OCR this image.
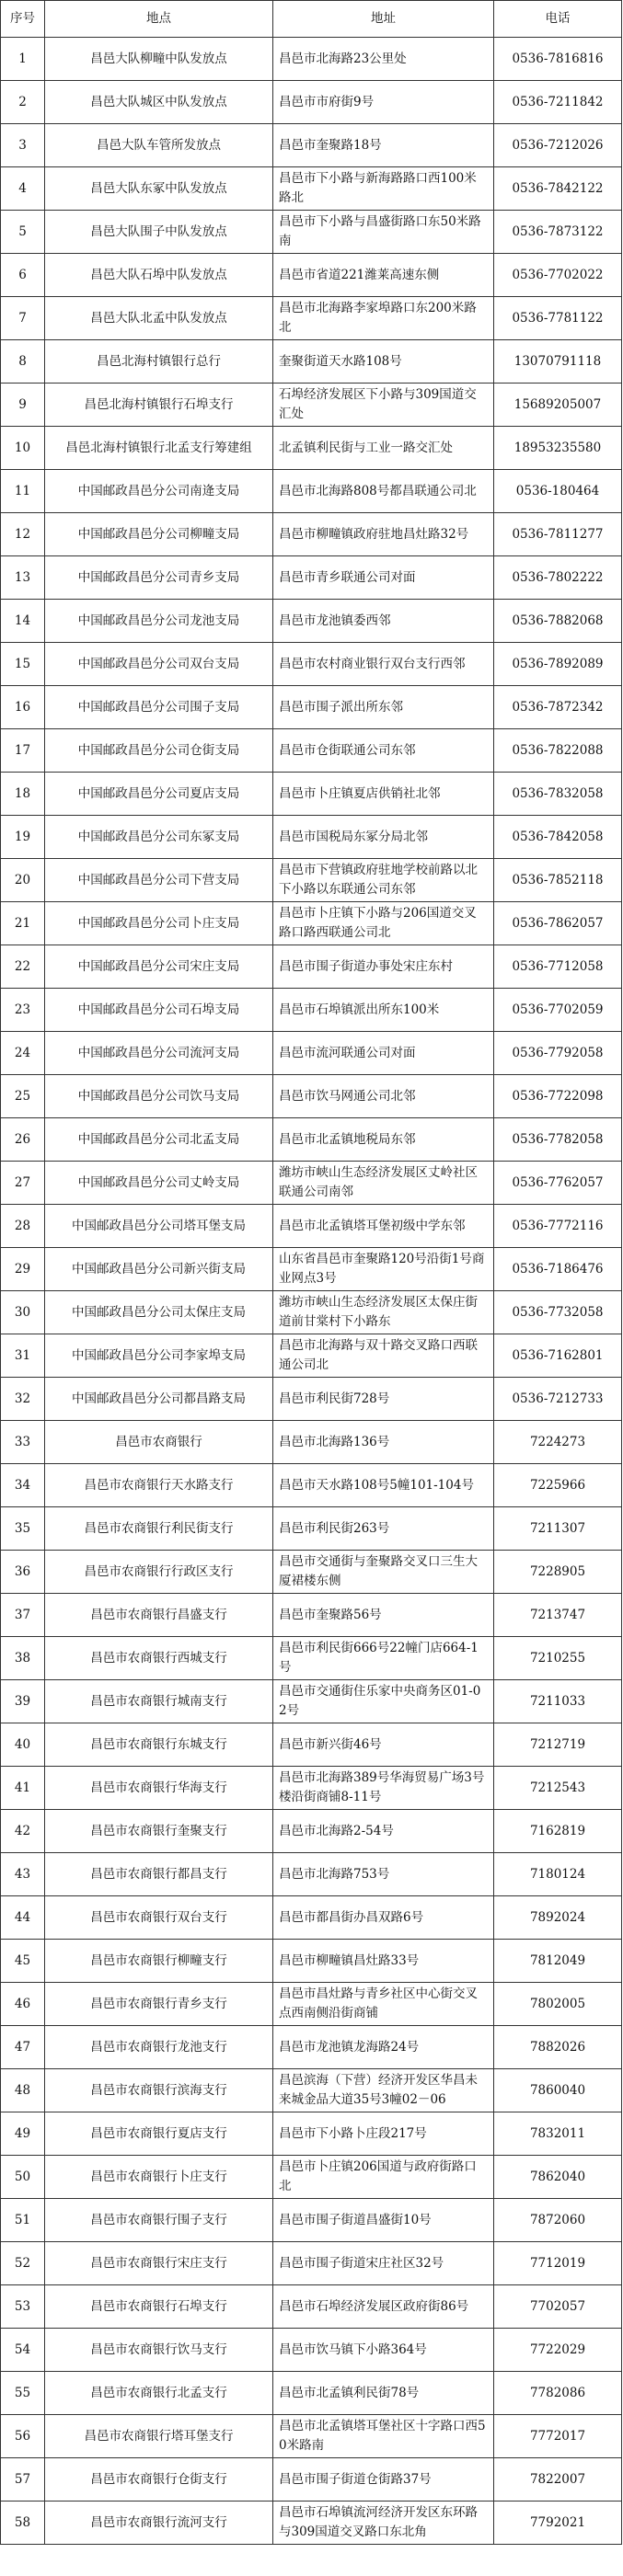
序号	地点	地址	电话
1	昌邑大队柳疃中队发放点	昌邑市北海路23公里处	0536-7816816
2	昌邑大队城区中队发放点	昌邑市市府街9号	0536-7211842
3	昌邑大队车管所发放点	昌邑市奎聚路18号	0536-7212026
4	昌邑大队东冢中队发放点	昌邑市下小路与新海路路口西100米路北	0536-7842122
5	昌邑大队围子中队发放点	昌邑市下小路与昌盛街路口东50米路南	0536-7873122
6	昌邑大队石埠中队发放点	昌邑市省道221潍莱高速东侧	0536-7702022
7	昌邑大队北孟中队发放点	昌邑市北海路李家埠路口东200米路北	0536-7781122
8	昌邑北海村镇银行总行	奎聚街道天水路108号	13070791118
9	昌邑北海村镇银行石埠支行	石埠经济发展区下小路与309国道交汇处	15689205007
10	昌邑北海村镇银行北孟支行筹建组	北孟镇利民街与工业一路交汇处	18953235580
11	中国邮政昌邑分公司南逄支局	昌邑市北海路808号都昌联通公司北	0536-180464
12	中国邮政昌邑分公司柳疃支局	昌邑市柳疃镇政府驻地昌灶路32号	0536-7811277
13	中国邮政昌邑分公司青乡支局	昌邑市青乡联通公司对面	0536-7802222
14	中国邮政昌邑分公司龙池支局	昌邑市龙池镇委西邻	0536-7882068
15	中国邮政昌邑分公司双台支局	昌邑市农村商业银行双台支行西邻	0536-7892089
16	中国邮政昌邑分公司围子支局	昌邑市围子派出所东邻	0536-7872342
17	中国邮政昌邑分公司仓街支局	昌邑市仓街联通公司东邻	0536-7822088
18	中国邮政昌邑分公司夏店支局	昌邑市卜庄镇夏店供销社北邻	0536-7832058
19	中国邮政昌邑分公司东冢支局	昌邑市国税局东冢分局北邻	0536-7842058
20	中国邮政昌邑分公司下营支局	昌邑市下营镇政府驻地学校前路以北下小路以东联通公司东邻	0536-7852118
21	中国邮政昌邑分公司卜庄支局	昌邑市卜庄镇下小路与206国道交叉路口路西联通公司北	0536-7862057
22	中国邮政昌邑分公司宋庄支局	昌邑市围子街道办事处宋庄东村	0536-7712058
23	中国邮政昌邑分公司石埠支局	昌邑市石埠镇派出所东100米	0536-7702059
24	中国邮政昌邑分公司流河支局	昌邑市流河联通公司对面	0536-7792058
25	中国邮政昌邑分公司饮马支局	昌邑市饮马网通公司北邻	0536-7722098
26	中国邮政昌邑分公司北孟支局	昌邑市北孟镇地税局东邻	0536-7782058
27	中国邮政昌邑分公司丈岭支局	潍坊市峡山生态经济发展区丈岭社区联通公司南邻	0536-7762057
28	中国邮政昌邑分公司塔耳堡支局	昌邑市北孟镇塔耳堡初级中学东邻	0536-7772116
29	中国邮政昌邑分公司新兴街支局	山东省昌邑市奎聚路120号沿街1号商业网点3号	0536-7186476
30	中国邮政昌邑分公司太保庄支局	潍坊市峡山生态经济发展区太保庄街道前甘棠村下小路东	0536-7732058
31	中国邮政昌邑分公司李家埠支局	昌邑市北海路与双十路交叉路口西联通公司北	0536-7162801
32	中国邮政昌邑分公司都昌路支局	昌邑市利民街728号	0536-7212733
33	昌邑市农商银行	昌邑市北海路136号	7224273
34	昌邑市农商银行天水路支行	昌邑市天水路108号5幢101-104号	7225966
35	昌邑市农商银行利民街支行	昌邑市利民街263号	7211307
36	昌邑市农商银行行政区支行	昌邑市交通街与奎聚路交叉口三生大厦裙楼东侧	7228905
37	昌邑市农商银行昌盛支行	昌邑市奎聚路56号	7213747
38	昌邑市农商银行西城支行	昌邑市利民街666号22幢门店664-1号	7210255
39	昌邑市农商银行城南支行	昌邑市交通街住乐家中央商务区01-02号	7211033
40	昌邑市农商银行东城支行	昌邑市新兴街46号	7212719
41	昌邑市农商银行华海支行	昌邑市北海路389号华海贸易广场3号楼沿街商铺8-11号	7212543
42	昌邑市农商银行奎聚支行	昌邑市北海路2-54号	7162819
43	昌邑市农商银行都昌支行	昌邑市北海路753号	7180124
44	昌邑市农商银行双台支行	昌邑市都昌街办昌双路6号	7892024
45	昌邑市农商银行柳疃支行	昌邑市柳疃镇昌灶路33号	7812049
46	昌邑市农商银行青乡支行	昌邑市昌灶路与青乡社区中心街交叉点西南侧沿街商铺	7802005
47	昌邑市农商银行龙池支行	昌邑市龙池镇龙海路24号	7882026
48	昌邑市农商银行滨海支行	昌邑滨海（下营）经济开发区华昌未来城金品大道35号3幢02－06	7860040
49	昌邑市农商银行夏店支行	昌邑市下小路卜庄段217号	7832011
50	昌邑市农商银行卜庄支行	昌邑市卜庄镇206国道与政府街路口北	7862040
51	昌邑市农商银行围子支行	昌邑市围子街道昌盛街10号	7872060
52	昌邑市农商银行宋庄支行	昌邑市围子街道宋庄社区32号	7712019
53	昌邑市农商银行石埠支行	昌邑市石埠经济发展区政府街86号	7702057
54	昌邑市农商银行饮马支行	昌邑市饮马镇下小路364号	7722029
55	昌邑市农商银行北孟支行	昌邑市北孟镇利民街78号	7782086
56	昌邑市农商银行塔耳堡支行	昌邑市北孟镇塔耳堡社区十字路口西50米路南	7772017
57	昌邑市农商银行仓街支行	昌邑市围子街道仓街路37号	7822007
58	昌邑市农商银行流河支行	昌邑市石埠镇流河经济开发区东环路与309国道交叉路口东北角	7792021
